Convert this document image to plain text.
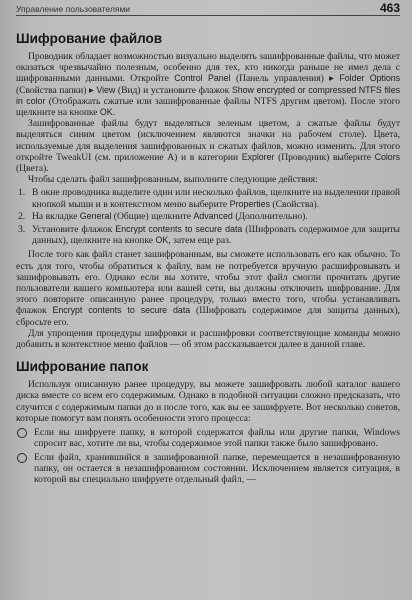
Управление пользователями	463
Шифрование файлов

Проводник обладает возможностью визуально выделять зашифрованные файлы, что может оказаться чрезвычайно полезным, особенно для тех, кто никогда раньше не имел дела с шифрованными данными. Откройте Control Panel (Панель управления) ▸ Folder Options (Свойства папки) ▸ View (Вид) и установите флажок Show encrypted or compressed NTFS files in color (Отображать сжатые или зашифрованные файлы NTFS другим цветом). После этого щелкните на кнопке OK.

Зашифрованные файлы будут выделяться зеленым цветом, а сжатые файлы будут выделяться синим цветом (исключением являются значки на рабочем столе). Цвета, используемые для выделения зашифрованных и сжатых файлов, можно изменить. Для этого откройте TweakUI (см. приложение А) и в категории Explorer (Проводник) выберите Colors (Цвета).

Чтобы сделать файл зашифрованным, выполните следующие действия:

1. В окне проводника выделите один или несколько файлов, щелкните на выделении правой кнопкой мыши и в контекстном меню выберите Properties (Свойства).
2. На вкладке General (Общие) щелкните Advanced (Дополнительно).
3. Установите флажок Encrypt contents to secure data (Шифровать содержимое для защиты данных), щелкните на кнопке OK, затем еще раз.

После того как файл станет зашифрованным, вы сможете использовать его как обычно. То есть для того, чтобы обратиться к файлу, вам не потребуется вручную расшифровывать и зашифровывать его. Однако если вы хотите, чтобы этот файл смогли прочитать другие пользователи вашего компьютера или вашей сети, вы должны отключить шифрование. Для этого повторите описанную ранее процедуру, только вместо того, чтобы устанавливать флажок Encrypt contents to secure data (Шифровать содержимое для защиты данных), сбросьте его.

Для упрощения процедуры шифровки и расшифровки соответствующие команды можно добавить в контекстное меню файлов — об этом рассказывается далее в данной главе.

Шифрование папок

Используя описанную ранее процедуру, вы можете зашифровать любой каталог вашего диска вместе со всем его содержимым. Однако в подобной ситуации сложно предсказать, что случится с содержимым папки до и после того, как вы ее зашифруете. Вот несколько советов, которые помогут вам понять особенности этого процесса:

Если вы шифруете папку, в которой содержатся файлы или другие папки, Windows спросит вас, хотите ли вы, чтобы содержимое этой папки также было зашифровано.
Если файл, хранившийся в зашифрованной папке, перемещается в незашифрованную папку, он остается в незашифрованном состоянии. Исключением является ситуация, в которой вы специально шифруете отдельный файл, —
